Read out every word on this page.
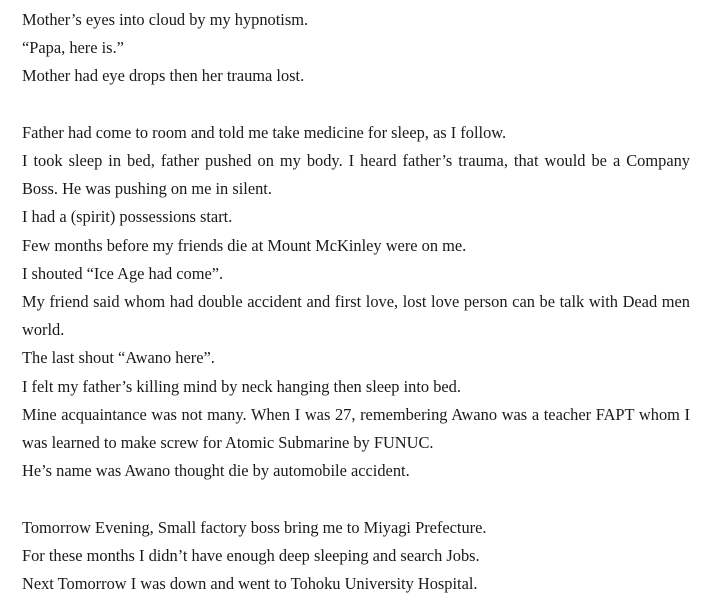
Mother’s eyes into cloud by my hypnotism.
“Papa, here is.”
Mother had eye drops then her trauma lost.
Father had come to room and told me take medicine for sleep, as I follow.
I took sleep in bed, father pushed on my body. I heard father’s trauma, that would be a Company Boss. He was pushing on me in silent.
I had a (spirit) possessions start.
Few months before my friends die at Mount McKinley were on me.
I shouted “Ice Age had come”.
My friend said whom had double accident and first love, lost love person can be talk with Dead men world.
The last shout “Awano here”.
I felt my father’s killing mind by neck hanging then sleep into bed.
Mine acquaintance was not many. When I was 27, remembering Awano was a teacher FAPT whom I was learned to make screw for Atomic Submarine by FUNUC.
He’s name was Awano thought die by automobile accident.
Tomorrow Evening, Small factory boss bring me to Miyagi Prefecture.
For these months I didn’t have enough deep sleeping and search Jobs.
Next Tomorrow I was down and went to Tohoku University Hospital.
